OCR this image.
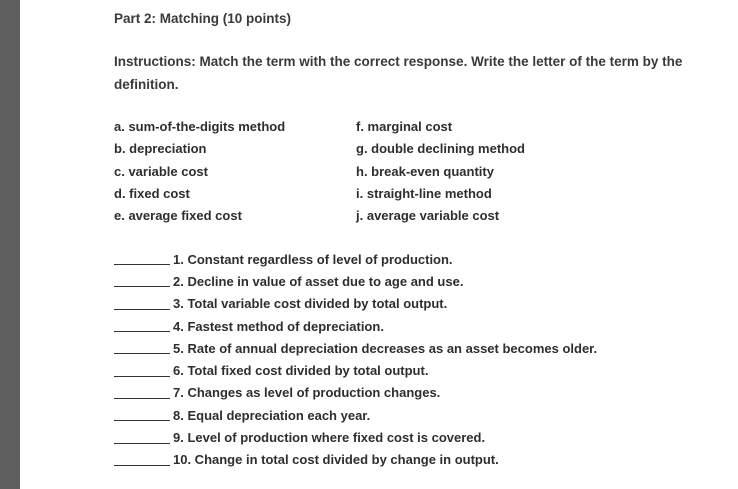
Part 2: Matching (10 points)
Instructions: Match the term with the correct response. Write the letter of the term by the definition.
a. sum-of-the-digits method
b. depreciation
c. variable cost
d. fixed cost
e. average fixed cost
f. marginal cost
g. double declining method
h. break-even quantity
i. straight-line method
j. average variable cost
1. Constant regardless of level of production.
2. Decline in value of asset due to age and use.
3. Total variable cost divided by total output.
4. Fastest method of depreciation.
5. Rate of annual depreciation decreases as an asset becomes older.
6. Total fixed cost divided by total output.
7. Changes as level of production changes.
8. Equal depreciation each year.
9. Level of production where fixed cost is covered.
10. Change in total cost divided by change in output.
